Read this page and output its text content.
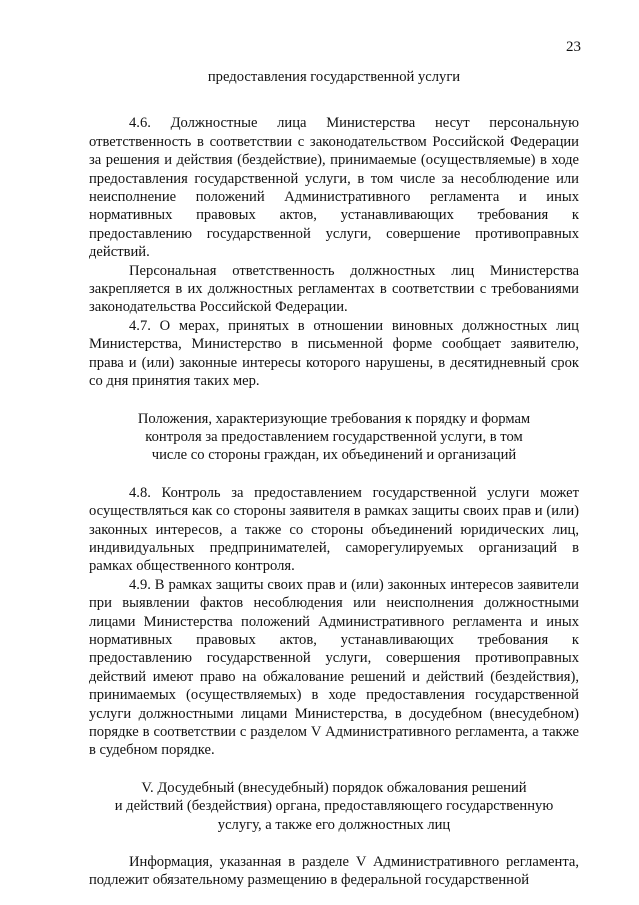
23

предоставления государственной услуги

4.6. Должностные лица Министерства несут персональную ответственность в соответствии с законодательством Российской Федерации за решения и действия (бездействие), принимаемые (осуществляемые) в ходе предоставления государственной услуги, в том числе за несоблюдение или неисполнение положений Административного регламента и иных нормативных правовых актов, устанавливающих требования к предоставлению государственной услуги, совершение противоправных действий.

Персональная ответственность должностных лиц Министерства закрепляется в их должностных регламентах в соответствии с требованиями законодательства Российской Федерации.

4.7. О мерах, принятых в отношении виновных должностных лиц Министерства, Министерство в письменной форме сообщает заявителю, права и (или) законные интересы которого нарушены, в десятидневный срок со дня принятия таких мер.

Положения, характеризующие требования к порядку и формам
контроля за предоставлением государственной услуги, в том
числе со стороны граждан, их объединений и организаций

4.8. Контроль за предоставлением государственной услуги может осуществляться как со стороны заявителя в рамках защиты своих прав и (или) законных интересов, а также со стороны объединений юридических лиц, индивидуальных предпринимателей, саморегулируемых организаций в рамках общественного контроля.

4.9. В рамках защиты своих прав и (или) законных интересов заявители при выявлении фактов несоблюдения или неисполнения должностными лицами Министерства положений Административного регламента и иных нормативных правовых актов, устанавливающих требования к предоставлению государственной услуги, совершения противоправных действий имеют право на обжалование решений и действий (бездействия), принимаемых (осуществляемых) в ходе предоставления государственной услуги должностными лицами Министерства, в досудебном (внесудебном) порядке в соответствии с разделом V Административного регламента, а также в судебном порядке.

V. Досудебный (внесудебный) порядок обжалования решений
и действий (бездействия) органа, предоставляющего государственную
услугу, а также его должностных лиц

Информация, указанная в разделе V Административного регламента, подлежит обязательному размещению в федеральной государственной
